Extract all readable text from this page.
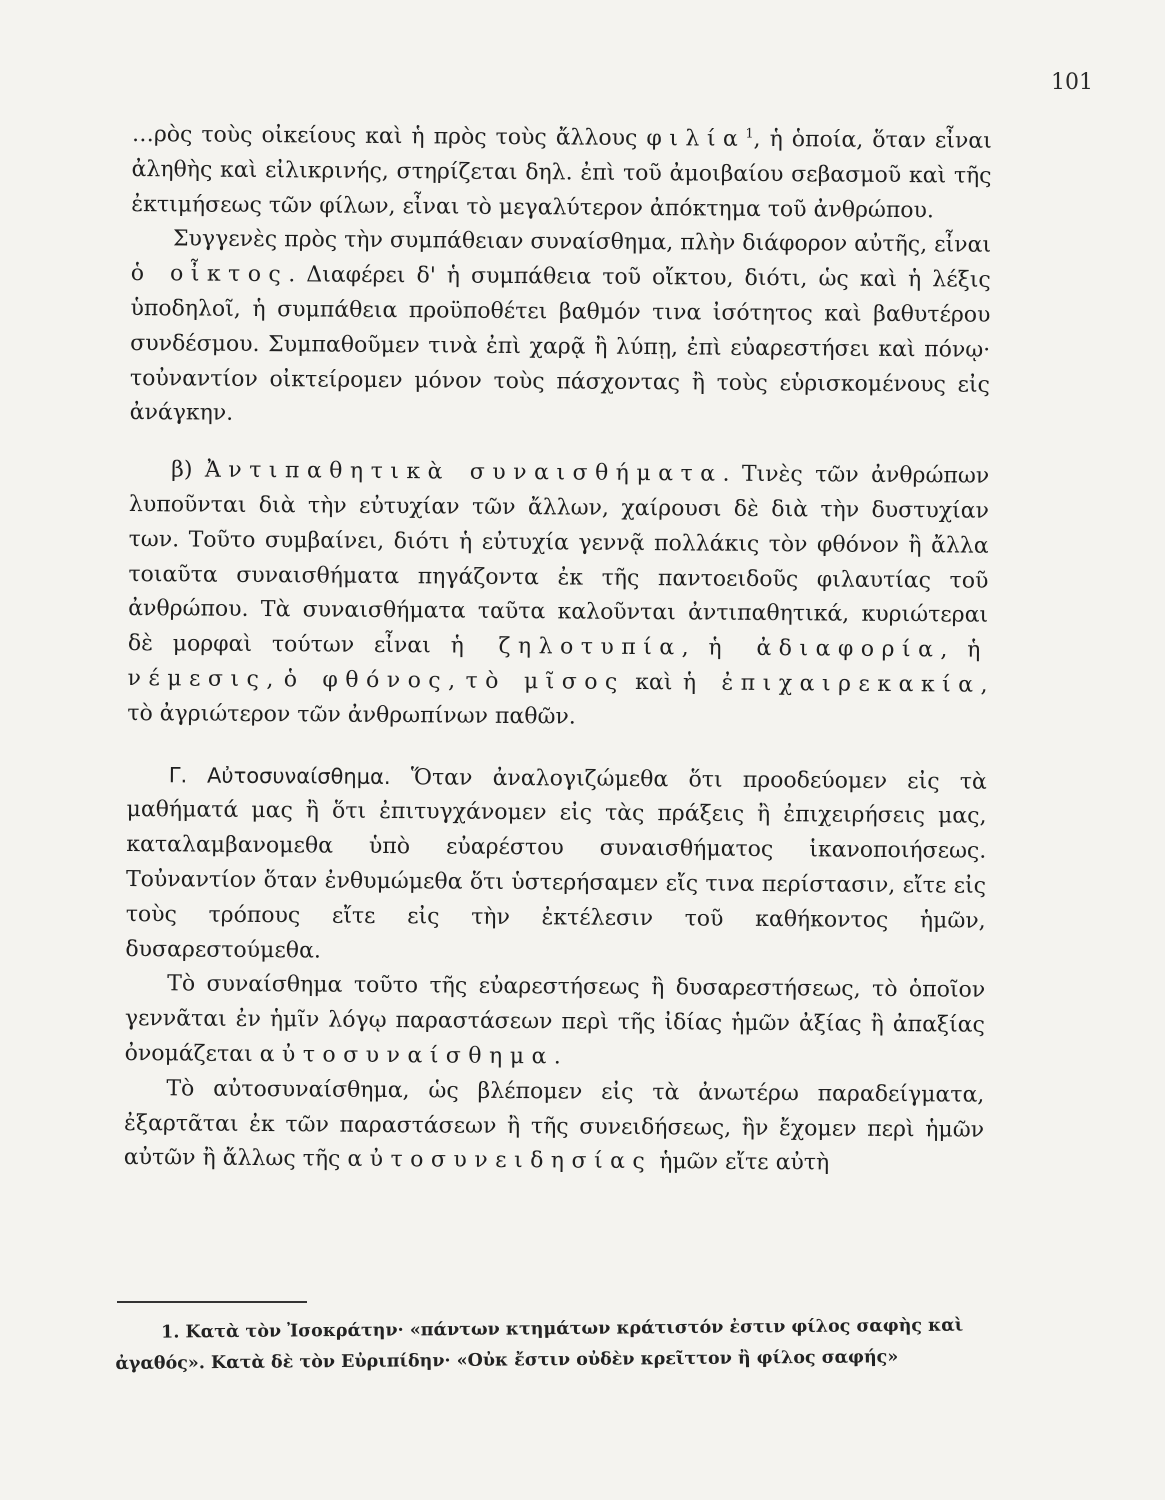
101

…ρὸς τοὺς οἰκείους καὶ ἡ πρὸς τοὺς ἄλλους φιλία$^1$, ἡ ὁποία, ὅταν εἶναι ἀληθὴς καὶ εἰλικρινής, στηρίζεται δηλ. ἐπὶ τοῦ ἀμοιβαίου σεβασμοῦ καὶ τῆς ἐκτιμήσεως τῶν φίλων, εἶναι τὸ μεγαλύτερον ἀπόκτημα τοῦ ἀνθρώπου.

Συγγενὲς πρὸς τὴν συμπάθειαν συναίσθημα, πλὴν διάφορον αὐτῆς, εἶναι ὁ οἶκτος. Διαφέρει δ' ἡ συμπάθεια τοῦ οἴκτου, διότι, ὡς καὶ ἡ λέξις ὑποδηλοῖ, ἡ συμπάθεια προϋποθέτει βαθμόν τινα ἰσότητος καὶ βαθυτέρου συνδέσμου. Συμπαθοῦμεν τινὰ ἐπὶ χαρᾷ ἢ λύπῃ, ἐπὶ εὐαρεστήσει καὶ πόνῳ· τοὐναντίον οἰκτείρομεν μόνον τοὺς πάσχοντας ἢ τοὺς εὑρισκομένους εἰς ἀνάγκην.

β) Ἀντιπαθητικὰ συναισθήματα. Τινὲς τῶν ἀνθρώπων λυποῦνται διὰ τὴν εὐτυχίαν τῶν ἄλλων, χαίρουσι δὲ διὰ τὴν δυστυχίαν των. Τοῦτο συμβαίνει, διότι ἡ εὐτυχία γεννᾷ πολλάκις τὸν φθόνον ἢ ἄλλα τοιαῦτα συναισθήματα πηγάζοντα ἐκ τῆς παντοειδοῦς φιλαυτίας τοῦ ἀνθρώπου. Τὰ συναισθήματα ταῦτα καλοῦνται ἀντιπαθητικά, κυριώτεραι δὲ μορφαὶ τούτων εἶναι ἡ ζηλοτυπία, ἡ ἀδιαφορία, ἡ νέμεσις, ὁ φθόνος, τὸ μῖσος καὶ ἡ ἐπιχαιρεκακία, τὸ ἀγριώτερον τῶν ἀνθρωπίνων παθῶν.

Γ. Αὐτοσυναίσθημα. Ὅταν ἀναλογιζώμεθα ὅτι προοδεύομεν εἰς τὰ μαθήματά μας ἢ ὅτι ἐπιτυγχάνομεν εἰς τὰς πράξεις ἢ ἐπιχειρήσεις μας, καταλαμβανομεθα ὑπὸ εὐαρέστου συναισθήματος ἱκανοποιήσεως. Τοὐναντίον ὅταν ἐνθυμώμεθα ὅτι ὑστερήσαμεν εἴς τινα περίστασιν, εἴτε εἰς τοὺς τρόπους εἴτε εἰς τὴν ἐκτέλεσιν τοῦ καθήκοντος ἡμῶν, δυσαρεστούμεθα.

Τὸ συναίσθημα τοῦτο τῆς εὐαρεστήσεως ἢ δυσαρεστήσεως, τὸ ὁποῖον γεννᾶται ἐν ἡμῖν λόγῳ παραστάσεων περὶ τῆς ἰδίας ἡμῶν ἀξίας ἢ ἀπαξίας ὀνομάζεται αὐτοσυναίσθημα.

Τὸ αὐτοσυναίσθημα, ὡς βλέπομεν εἰς τὰ ἀνωτέρω παραδείγματα, ἐξαρτᾶται ἐκ τῶν παραστάσεων ἢ τῆς συνειδήσεως, ἣν ἔχομεν περὶ ἡμῶν αὐτῶν ἢ ἄλλως τῆς αὐτοσυνειδησίας ἡμῶν εἴτε αὐτὴ

1. Κατὰ τὸν Ἰσοκράτην· «πάντων κτημάτων κράτιστόν ἐστιν φίλος σαφὴς καὶ ἀγαθός». Κατὰ δὲ τὸν Εὐριπίδην· «Οὐκ ἔστιν οὐδὲν κρεῖττον ἢ φίλος σαφής»
